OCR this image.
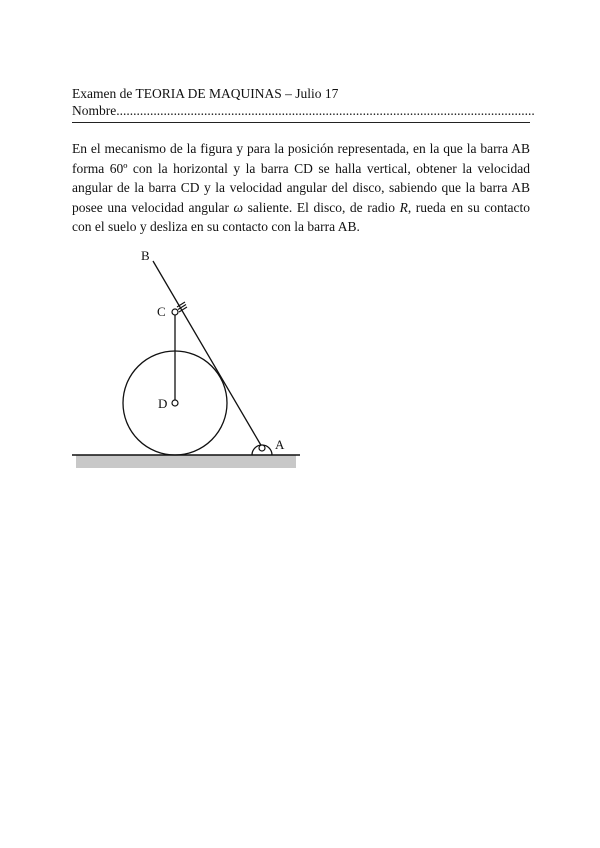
Examen de TEORIA DE MAQUINAS – Julio 17
Nombre............................................................................................................................
En el mecanismo de la figura y para la posición representada, en la que la barra AB forma 60º con la horizontal y la barra CD se halla vertical, obtener la velocidad angular de la barra CD y la velocidad angular del disco, sabiendo que la barra AB posee una velocidad angular ω saliente. El disco, de radio R, rueda en su contacto con el suelo y desliza en su contacto con la barra AB.
B
C
D
A
